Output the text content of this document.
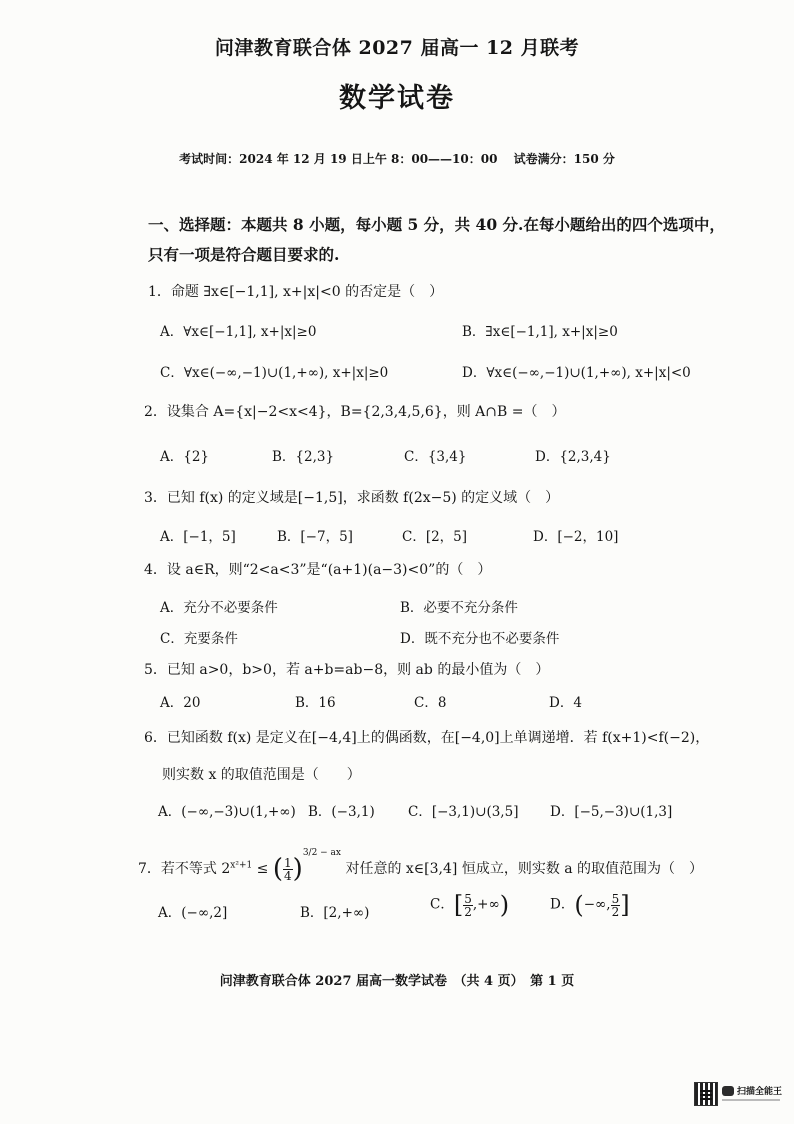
问津教育联合体 2027 届高一 12 月联考
数学试卷
考试时间：2024 年 12 月 19 日上午 8：00——10：00　 试卷满分：150 分
一、选择题：本题共 8 小题，每小题 5 分，共 40 分.在每小题给出的四个选项中，
只有一项是符合题目要求的.
1．命题 ∃x∈[−1,1], x+|x|<0 的否定是（　）
A．∀x∈[−1,1], x+|x|≥0	B．∃x∈[−1,1], x+|x|≥0
C．∀x∈(−∞,−1)∪(1,+∞), x+|x|≥0	D．∀x∈(−∞,−1)∪(1,+∞), x+|x|<0
2．设集合 A={x|−2<x<4}，B={2,3,4,5,6}，则 A∩B =（　）
A．{2}	B．{2,3}	C．{3,4}	D．{2,3,4}
3．已知 f(x) 的定义域是[−1,5]，求函数 f(2x−5) 的定义域（　）
A．[−1，5]	B．[−7，5]	C．[2，5]	D．[−2，10]
4．设 a∈R，则“2<a<3”是“(a+1)(a−3)<0”的（　）
A．充分不必要条件	B．必要不充分条件
C．充要条件	D．既不充分也不必要条件
5．已知 a>0，b>0，若 a+b=ab−8，则 ab 的最小值为（　）
A．20	B．16	C．8	D．4
6．已知函数 f(x) 是定义在[−4,4]上的偶函数，在[−4,0]上单调递增．若 f(x+1)<f(−2)，
则实数 x 的取值范围是（　　）
A．(−∞,−3)∪(1,+∞) B．(−3,1) C．[−3,1)∪(3,5] D．[−5,−3)∪(1,3]
7．若不等式 $2^{x^2+1}$ ≤ ( $\frac{1}{4} )^{3/2 - ax}$ 对任意的 x∈[3,4] 恒成立，则实数 a 的取值范围为（　）
A．(−∞,2]	B．[2,+∞)
C．[ $\frac{5}{2}$ ,+∞)	D．(−∞, $\frac{5}{2}$ ]
问津教育联合体 2027 届高一数学试卷　（共 4 页）　第 1 页
扫描全能王
